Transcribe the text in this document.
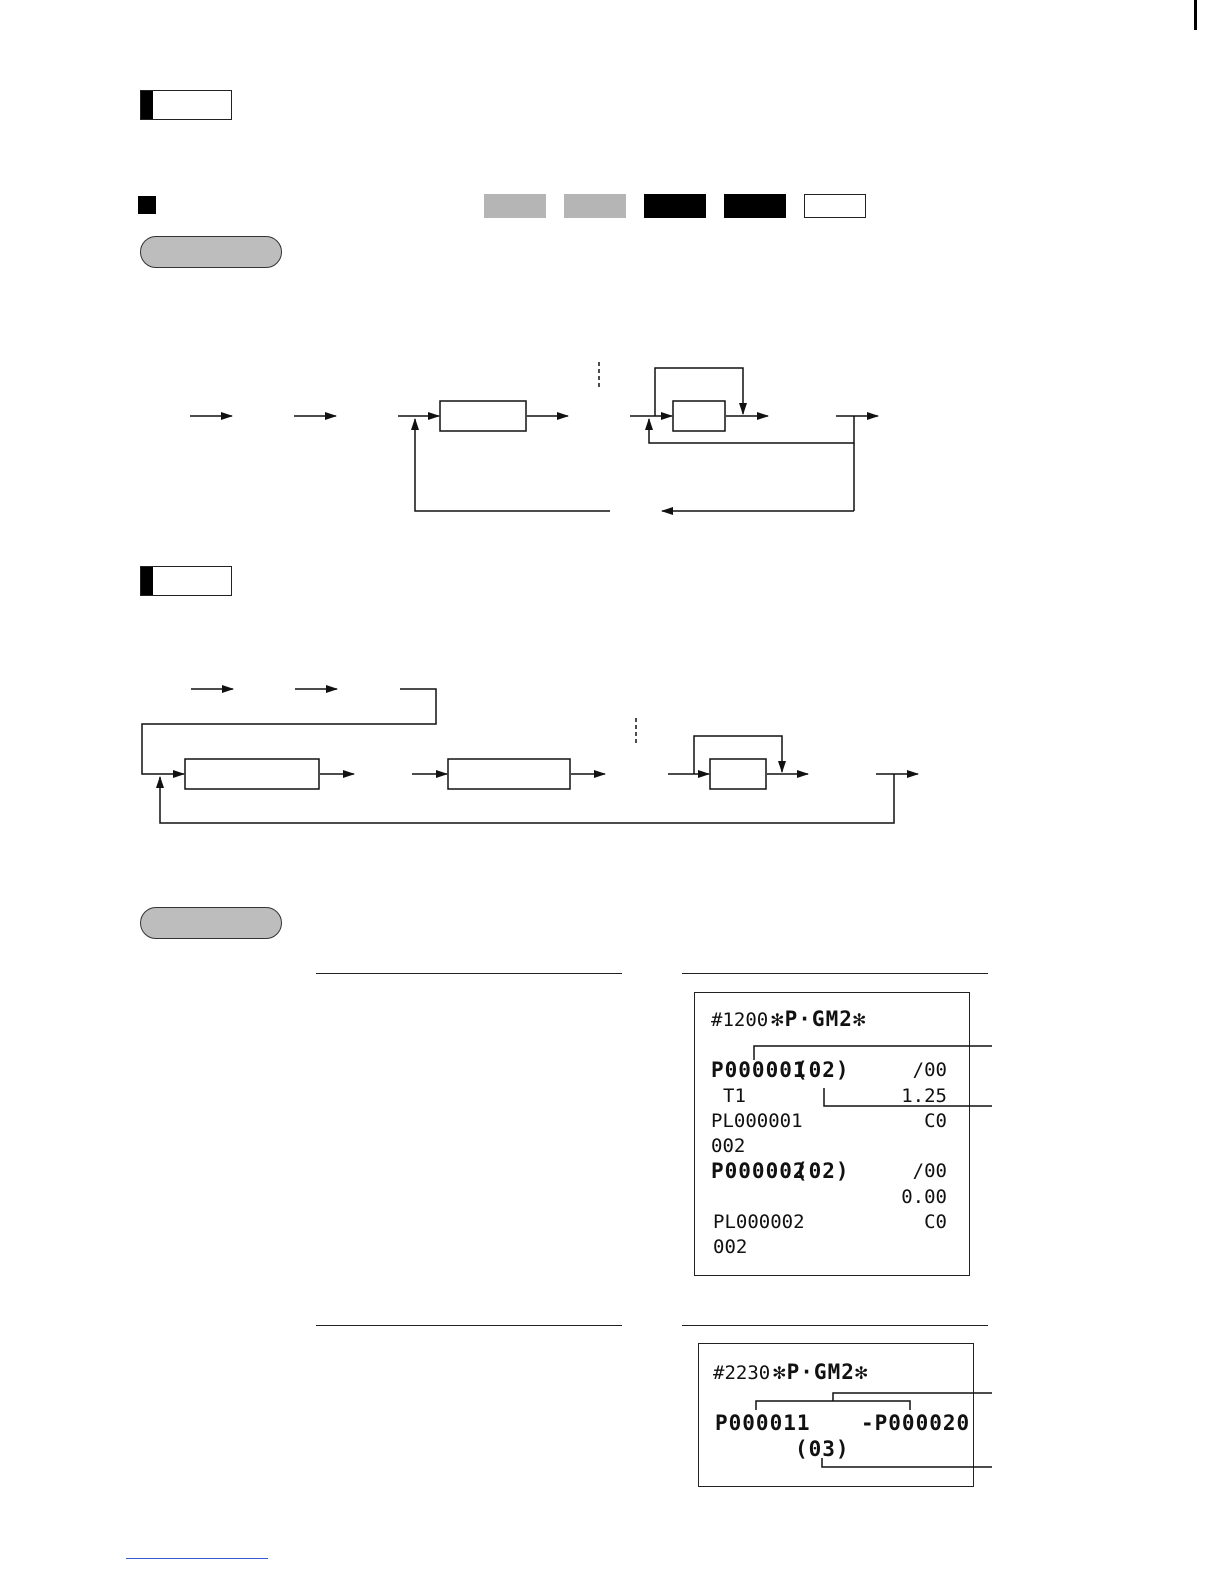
#1200 ✻P·GM2✻
P000001
(02)	/00
T1	1.25
PL000001	C0
002
P000002
(02)	/00
0.00
PL000002	C0
002
#2230 ✻P·GM2✻
P000011 -P000020
(03)
